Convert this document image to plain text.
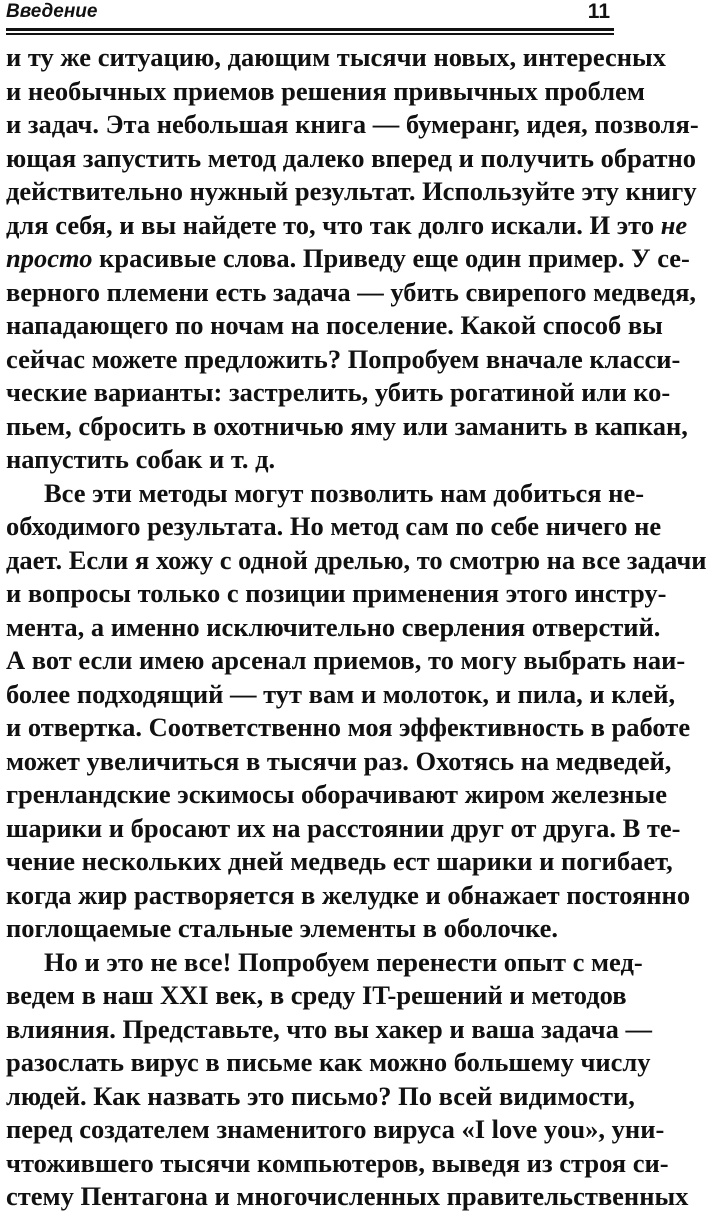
Введение	11

и ту же ситуацию, дающим тысячи новых, интересных
и необычных приемов решения привычных проблем
и задач. Эта небольшая книга — бумеранг, идея, позволя-
ющая запустить метод далеко вперед и получить обратно
действительно нужный результат. Используйте эту книгу
для себя, и вы найдете то, что так долго искали. И это не
просто красивые слова. Приведу еще один пример. У се-
верного племени есть задача — убить свирепого медведя,
нападающего по ночам на поселение. Какой способ вы
сейчас можете предложить? Попробуем вначале класси-
ческие варианты: застрелить, убить рогатиной или ко-
пьем, сбросить в охотничью яму или заманить в капкан,
напустить собак и т. д.

Все эти методы могут позволить нам добиться не-
обходимого результата. Но метод сам по себе ничего не
дает. Если я хожу с одной дрелью, то смотрю на все задачи
и вопросы только с позиции применения этого инстру-
мента, а именно исключительно сверления отверстий.
А вот если имею арсенал приемов, то могу выбрать наи-
более подходящий — тут вам и молоток, и пила, и клей,
и отвертка. Соответственно моя эффективность в работе
может увеличиться в тысячи раз. Охотясь на медведей,
гренландские эскимосы оборачивают жиром железные
шарики и бросают их на расстоянии друг от друга. В те-
чение нескольких дней медведь ест шарики и погибает,
когда жир растворяется в желудке и обнажает постоянно
поглощаемые стальные элементы в оболочке.

Но и это не все! Попробуем перенести опыт с мед-
ведем в наш XXI век, в среду IT-решений и методов
влияния. Представьте, что вы хакер и ваша задача —
разослать вирус в письме как можно большему числу
людей. Как назвать это письмо? По всей видимости,
перед создателем знаменитого вируса «I love you», уни-
чтожившего тысячи компьютеров, выведя из строя си-
стему Пентагона и многочисленных правительственных
